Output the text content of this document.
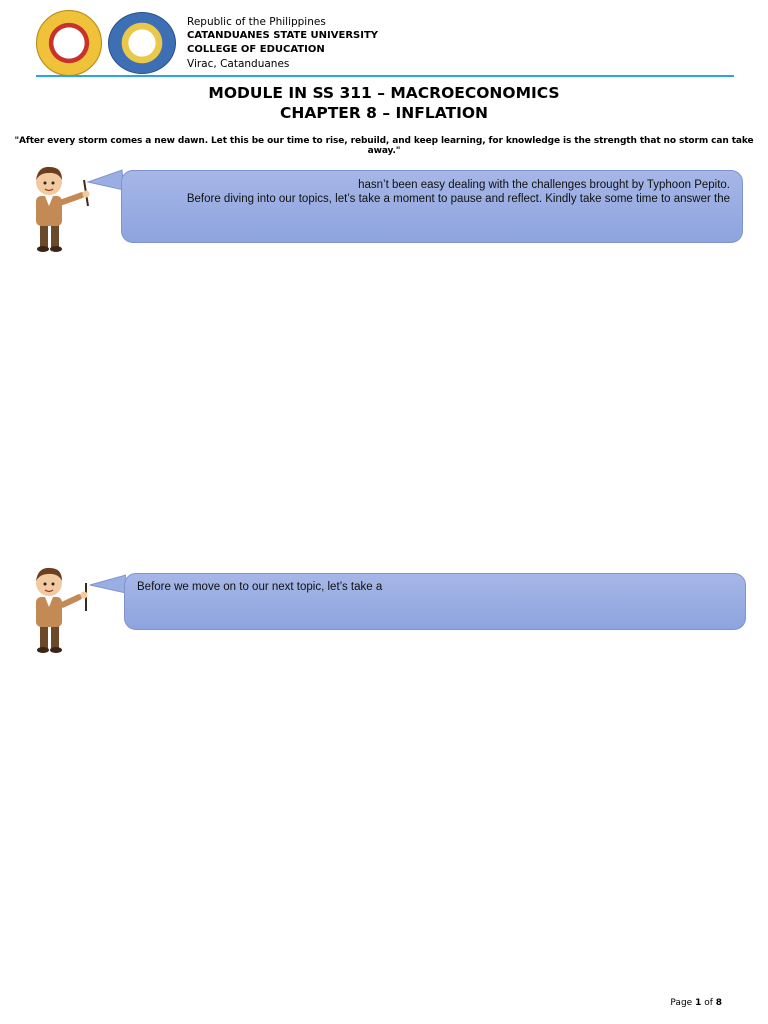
Republic of the Philippines
CATANDUANES STATE UNIVERSITY
COLLEGE OF EDUCATION
Virac, Catanduanes
MODULE IN SS 311 – MACROECONOMICS
CHAPTER 8 – INFLATION
"After every storm comes a new dawn. Let this be our time to rise, rebuild, and keep learning, for knowledge is the strength that no storm can take away."
hasn’t been easy dealing with the challenges brought by Typhoon Pepito.
Before diving into our topics, let’s take a moment to pause and reflect. Kindly take some time to answer the
Before we move on to our next topic, let’s take a
Page 1 of 8
